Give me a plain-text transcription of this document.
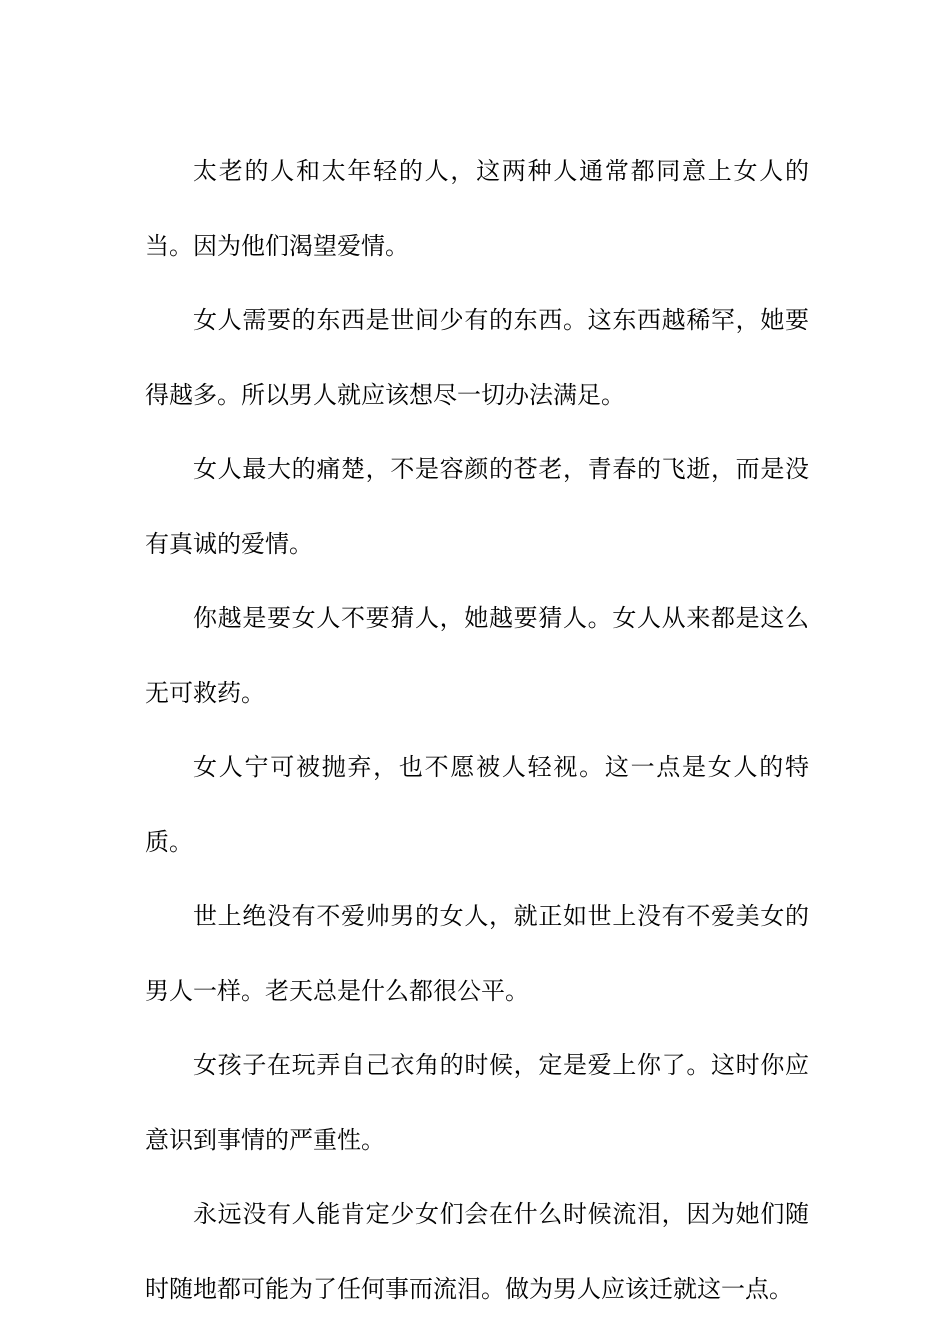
太老的人和太年轻的人，这两种人通常都同意上女人的当。因为他们渴望爱情。

女人需要的东西是世间少有的东西。这东西越稀罕，她要得越多。所以男人就应该想尽一切办法满足。

女人最大的痛楚，不是容颜的苍老，青春的飞逝，而是没有真诚的爱情。

你越是要女人不要猜人，她越要猜人。女人从来都是这么无可救药。

女人宁可被抛弃，也不愿被人轻视。这一点是女人的特质。

世上绝没有不爱帅男的女人，就正如世上没有不爱美女的男人一样。老天总是什么都很公平。

女孩子在玩弄自己衣角的时候，定是爱上你了。这时你应意识到事情的严重性。

永远没有人能肯定少女们会在什么时候流泪，因为她们随时随地都可能为了任何事而流泪。做为男人应该迁就这一点。
